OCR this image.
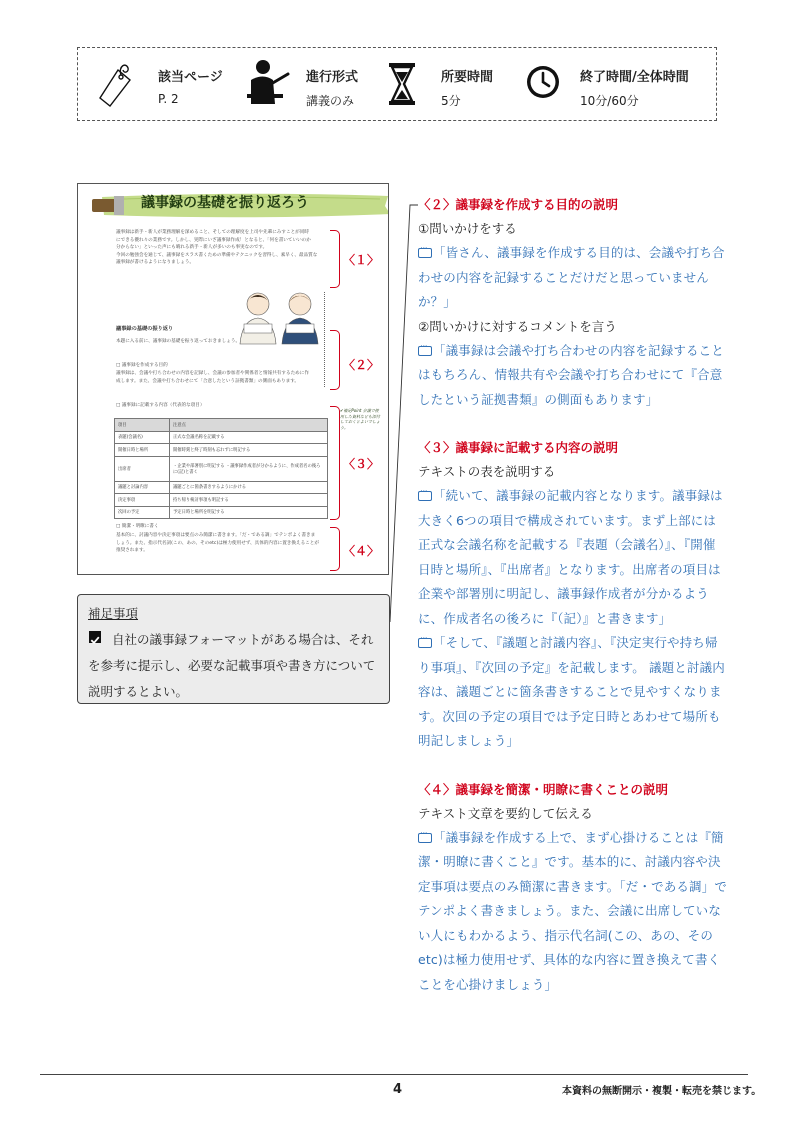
該当ページ
P. 2
進行形式
講義のみ
所要時間
5分
終了時間/全体時間
10分/60分
議事録の基礎を振り返ろう
議事録は新手・新人が業務理解を深めること、そしての理解度を上司や先輩にみすことが同時
にできる優れ々の業務です。しかし、実際にいざ議事録作成！となると、「何を書いていいのか
分からない」といった声にも晴れる新手・新人が多いのも事実なのです。
今回の勉強会を通じて、議事録をスラス書くための準備やテクニックを習得し、素早く、最品質な
議事録が書けるようになりましょう。
議事録の基礎の振り返り
本題に入る前に、議事録の基礎を振り返っておきましょう。
□ 議事録を作成する目的
議事録は、会議や打ち合わせの内容を記録し、会議の参加者や関係者と情報共有するために作
成します。また、会議や打ち合わせにて「合意したという証拠書類」の側面もあります。
□ 議事録に記載する内容（代表的な項目）
✔補足Point 会議で使用した資料なども添付しておくとよいでしょう。
項目	注意点
表題(会議名)	正式な会議名称を記載する
開催日時と場所	開催時刻と終了時刻も忘れずに明記する
出席者	・企業や部署別に明記する ・議事録作成者が分かるように、作成者名の後ろに(記)と書く
議題と討論内容	議題ごとに箇条書きするようにかける
決定事項	持ち帰り検討事項も明記する
次回の予定	予定日時と場所を明記する
□ 簡潔・明瞭に書く
基本的に、討議内容や決定事項は要点のみ簡潔に書きます。「だ・である調」でテンポよく書きま
しょう。また、指示代名詞(この、あの、そのetc)は極力使用せず、具体的内容に置き換えることが
推奨されます。
〈１〉
〈２〉
〈３〉
〈４〉
補足事項
自社の議事録フォーマットがある場合は、それを参考に提示し、必要な記載事項や書き方について説明するとよい。
〈２〉議事録を作成する目的の説明
①問いかけをする
···「皆さん、議事録を作成する目的は、会議や打ち合わせの内容を記録することだけだと思っていませんか？」
②問いかけに対するコメントを言う
···「議事録は会議や打ち合わせの内容を記録することはもちろん、情報共有や会議や打ち合わせにて『合意したという証拠書類』の側面もあります」
〈３〉議事録に記載する内容の説明
テキストの表を説明する
···「続いて、議事録の記載内容となります。議事録は大きく6つの項目で構成されています。まず上部には正式な会議名称を記載する『表題（会議名）』、『開催日時と場所』、『出席者』となります。出席者の項目は企業や部署別に明記し、議事録作成者が分かるように、作成者名の後ろに『（記）』と書きます」
···「そして、『議題と討議内容』、『決定実行や持ち帰り事項』、『次回の予定』を記載します。 議題と討議内容は、議題ごとに箇条書きすることで見やすくなります。次回の予定の項目では予定日時とあわせて場所も明記しましょう」
〈４〉議事録を簡潔・明瞭に書くことの説明
テキスト文章を要約して伝える
···「議事録を作成する上で、まず心掛けることは『簡潔・明瞭に書くこと』です。基本的に、討議内容や決定事項は要点のみ簡潔に書きます。「だ・である調」でテンポよく書きましょう。また、会議に出席していない人にもわかるよう、指示代名詞(この、あの、そのetc)は極力使用せず、具体的な内容に置き換えて書くことを心掛けましょう」
4	本資料の無断開示・複製・転売を禁じます。
